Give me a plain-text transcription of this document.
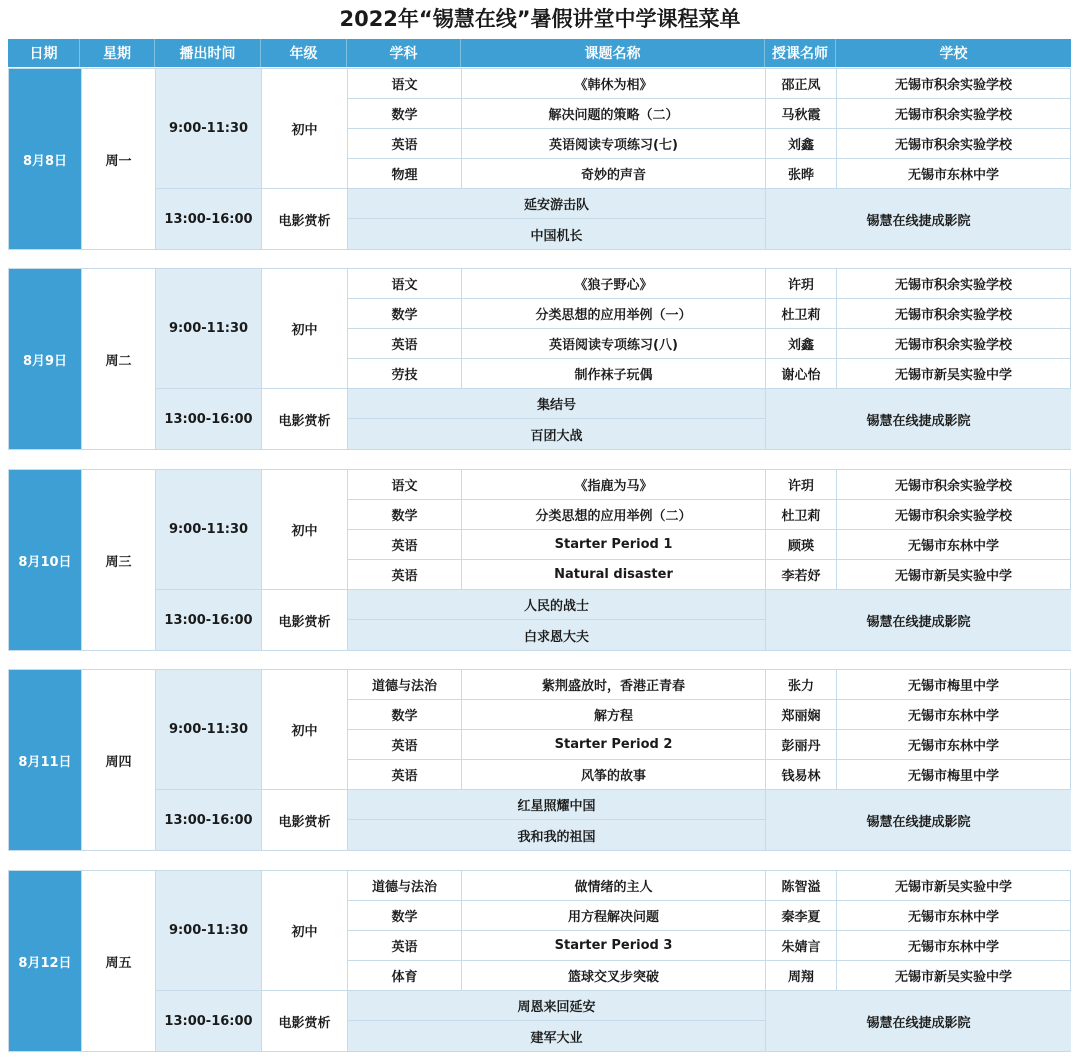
2022年“锡慧在线”暑假讲堂中学课程菜单
日期	星期	播出时间	年级	学科	课题名称	授课名师	学校
8月8日	周一
9:00-11:30	初中
语文	《韩休为相》	邵正凤	无锡市积余实验学校
数学	解决问题的策略（二）	马秋霞	无锡市积余实验学校
英语	英语阅读专项练习(七)	刘鑫	无锡市积余实验学校
物理	奇妙的声音	张晔	无锡市东林中学
13:00-16:00	电影赏析
延安游击队
中国机长
锡慧在线捷成影院
8月9日	周二
9:00-11:30	初中
语文	《狼子野心》	许玥	无锡市积余实验学校
数学	分类思想的应用举例（一）	杜卫莉	无锡市积余实验学校
英语	英语阅读专项练习(八)	刘鑫	无锡市积余实验学校
劳技	制作袜子玩偶	谢心怡	无锡市新吴实验中学
13:00-16:00	电影赏析
集结号
百团大战
锡慧在线捷成影院
8月10日	周三
9:00-11:30	初中
语文	《指鹿为马》	许玥	无锡市积余实验学校
数学	分类思想的应用举例（二）	杜卫莉	无锡市积余实验学校
英语	Starter Period 1	顾瑛	无锡市东林中学
英语	Natural disaster	李若妤	无锡市新吴实验中学
13:00-16:00	电影赏析
人民的战士
白求恩大夫
锡慧在线捷成影院
8月11日	周四
9:00-11:30	初中
道德与法治	紫荆盛放时，香港正青春	张力	无锡市梅里中学
数学	解方程	郑丽娴	无锡市东林中学
英语	Starter Period 2	彭丽丹	无锡市东林中学
英语	风筝的故事	钱易林	无锡市梅里中学
13:00-16:00	电影赏析
红星照耀中国
我和我的祖国
锡慧在线捷成影院
8月12日	周五
9:00-11:30	初中
道德与法治	做情绪的主人	陈智溢	无锡市新吴实验中学
数学	用方程解决问题	秦李夏	无锡市东林中学
英语	Starter Period 3	朱婧言	无锡市东林中学
体育	篮球交叉步突破	周翔	无锡市新吴实验中学
13:00-16:00	电影赏析
周恩来回延安
建军大业
锡慧在线捷成影院
